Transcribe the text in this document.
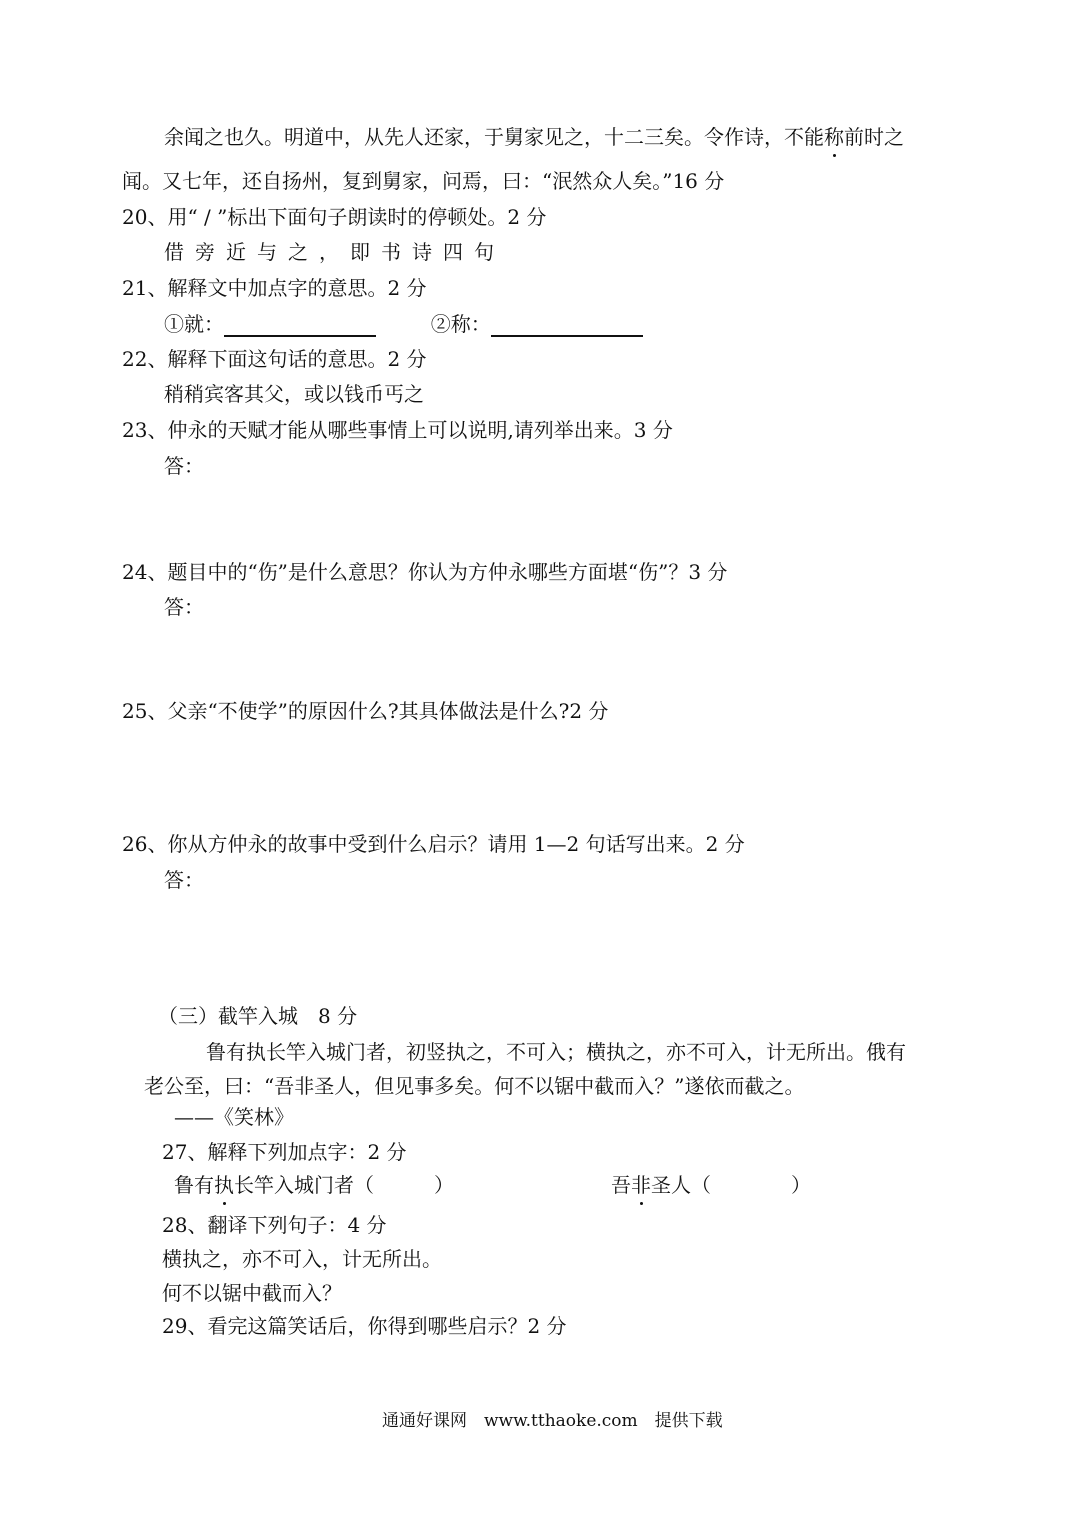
余闻之也久。明道中，从先人还家，于舅家见之，十二三矣。令作诗，不能称前时之
闻。又七年，还自扬州，复到舅家，问焉，曰：“泯然众人矣。”16 分
20、用“ / ”标出下面句子朗读时的停顿处。2 分
借旁近与之，即书诗四句
21、解释文中加点字的意思。2 分
①就：	②称：
22、解释下面这句话的意思。2 分
稍稍宾客其父，或以钱币丐之
23、仲永的天赋才能从哪些事情上可以说明,请列举出来。3 分
答：
24、题目中的“伤”是什么意思？你认为方仲永哪些方面堪“伤”？3 分
答：
25、父亲“不使学”的原因什么?其具体做法是什么?2 分
26、你从方仲永的故事中受到什么启示？请用 1—2 句话写出来。2 分
答：
（三）截竿入城　8 分
鲁有执长竿入城门者，初竖执之，不可入；横执之，亦不可入，计无所出。俄有
老公至，曰：“吾非圣人，但见事多矣。何不以锯中截而入？”遂依而截之。
——《笑林》
27、解释下列加点字：2 分
鲁有执长竿入城门者（　　　）	吾非圣人（　　　　）
28、翻译下列句子：4 分
横执之，亦不可入，计无所出。
何不以锯中截而入？
29、看完这篇笑话后，你得到哪些启示？2 分
通通好课网　www.tthaoke.com　提供下载
